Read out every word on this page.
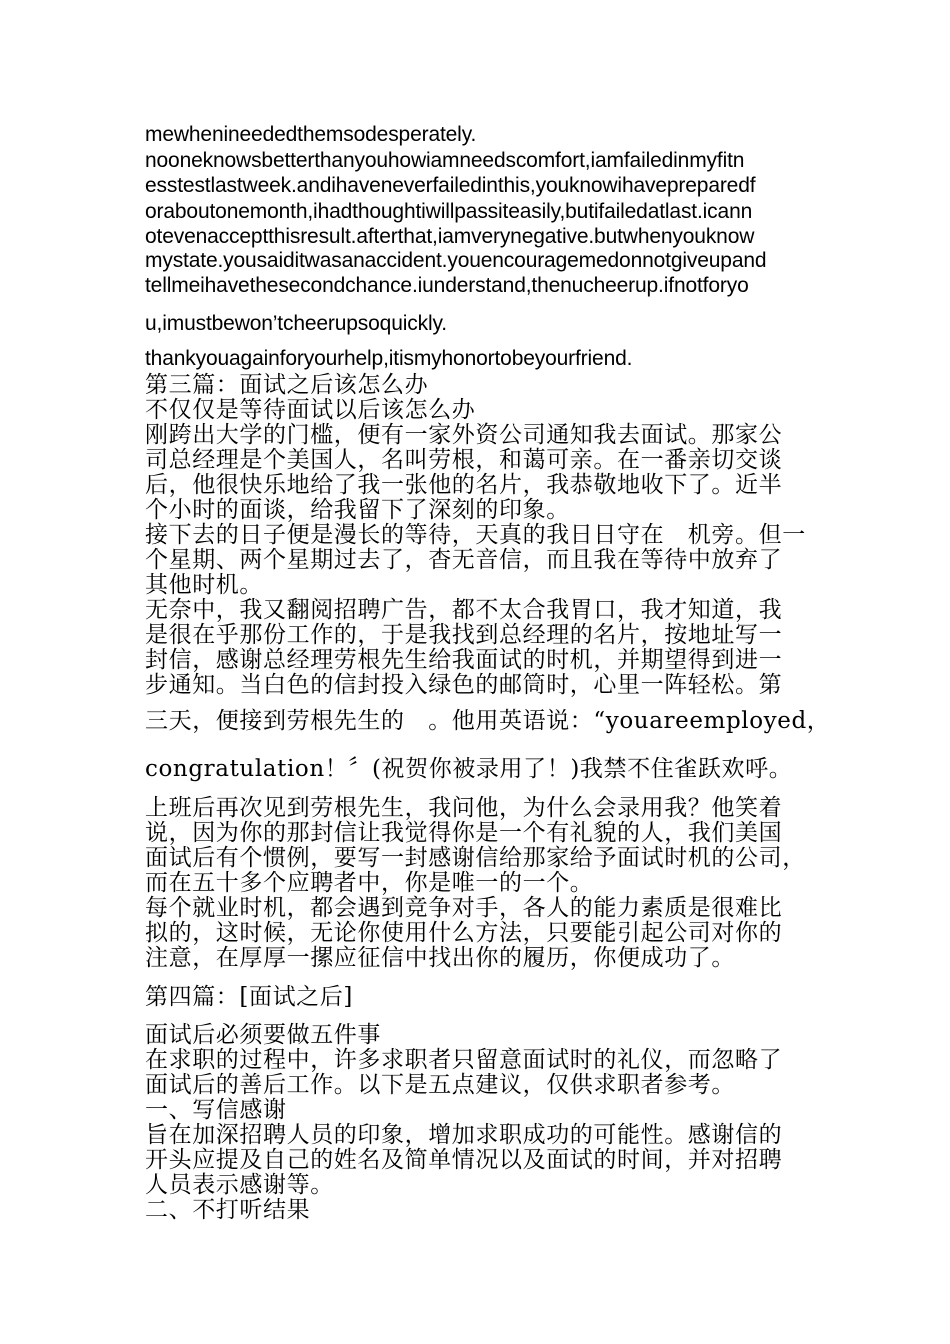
mewhenineededthemsodesperately.
nooneknowsbetterthanyouhowiamneedscomfort,iamfailedinmyfitn
esstestlastweek.andihaveneverfailedinthis,youknowihavepreparedf
oraboutonemonth,ihadthoughtiwillpassiteasily,butifailedatlast.icann
otevenacceptthisresult.afterthat,iamverynegative.butwhenyouknow
mystate.yousaiditwasanaccident.youencouragemedonnotgiveupand
tellmeihavethesecondchance.iunderstand,thenucheerup.ifnotforyo
u,imustbewon’tcheerupsoquickly.
thankyouagainforyourhelp,itismyhonortobeyourfriend.
第三篇：面试之后该怎么办
不仅仅是等待面试以后该怎么办
刚跨出大学的门槛，便有一家外资公司通知我去面试。那家公
司总经理是个美国人，名叫劳根，和蔼可亲。在一番亲切交谈
后，他很快乐地给了我一张他的名片，我恭敬地收下了。近半
个小时的面谈，给我留下了深刻的印象。
接下去的日子便是漫长的等待，天真的我日日守在　机旁。但一
个星期、两个星期过去了，杳无音信，而且我在等待中放弃了
其他时机。
无奈中，我又翻阅招聘广告，都不太合我胃口，我才知道，我
是很在乎那份工作的，于是我找到总经理的名片，按地址写一
封信，感谢总经理劳根先生给我面试的时机，并期望得到进一
步通知。当白色的信封投入绿色的邮筒时，心里一阵轻松。第
三天，便接到劳根先生的　。他用英语说：“youareemployed，
congratulation！〞(祝贺你被录用了！)我禁不住雀跃欢呼。
上班后再次见到劳根先生，我问他，为什么会录用我？他笑着
说，因为你的那封信让我觉得你是一个有礼貌的人，我们美国
面试后有个惯例，要写一封感谢信给那家给予面试时机的公司，
而在五十多个应聘者中，你是唯一的一个。
每个就业时机，都会遇到竞争对手，各人的能力素质是很难比
拟的，这时候，无论你使用什么方法，只要能引起公司对你的
注意，在厚厚一摞应征信中找出你的履历，你便成功了。
第四篇：[面试之后]
面试后必须要做五件事
在求职的过程中，许多求职者只留意面试时的礼仪，而忽略了
面试后的善后工作。以下是五点建议，仅供求职者参考。
一、写信感谢
旨在加深招聘人员的印象，增加求职成功的可能性。感谢信的
开头应提及自己的姓名及简单情况以及面试的时间，并对招聘
人员表示感谢等。
二、不打听结果
